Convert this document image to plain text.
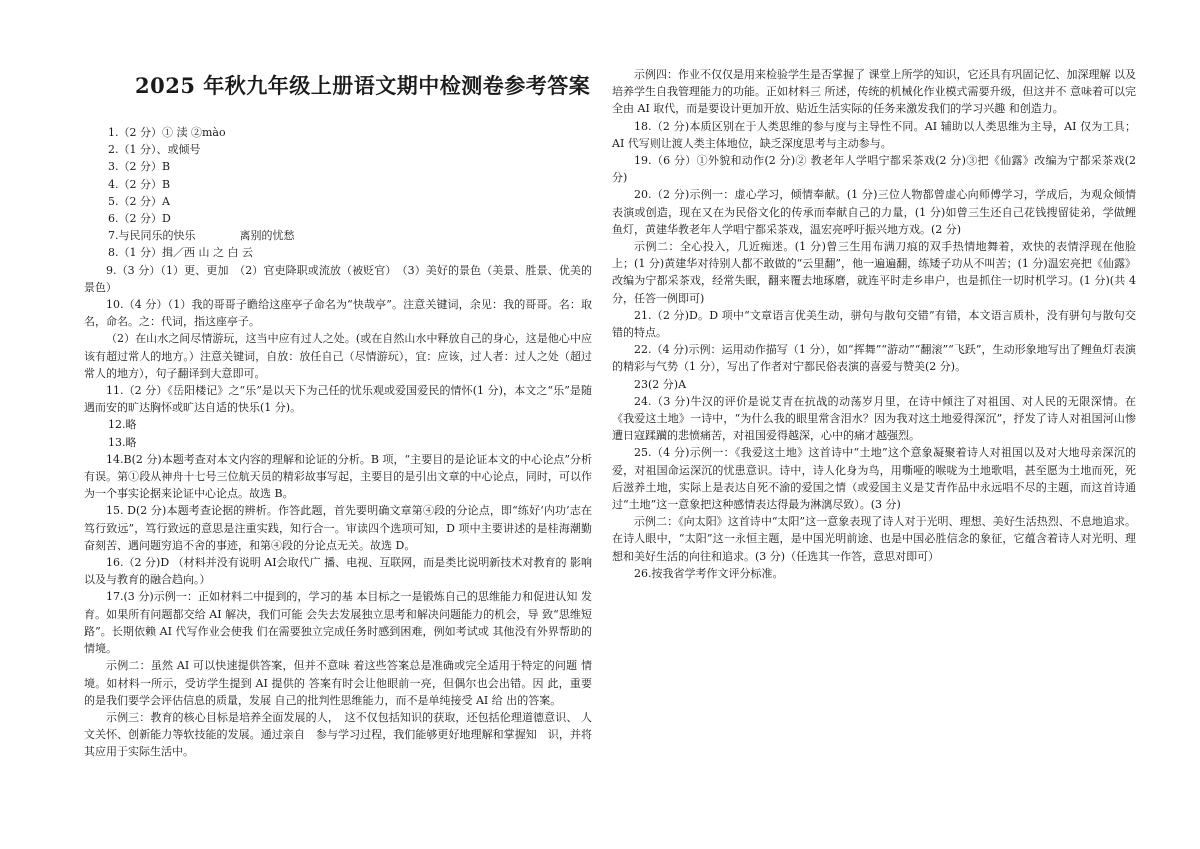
2025 年秋九年级上册语文期中检测卷参考答案

1.（2 分）① 渎 ②mào

2.（1 分）、或倾号

3.（2 分）B

4.（2 分）B

5.（2 分）A

6.（2 分）D

7.与民同乐的快乐　　　　离别的忧愁

8.（1 分）揖／西 山 之 白 云

9.（3 分）（1）更、更加　（2）官吏降职或流放（被贬官）　（3）美好的景色（美景、胜景、优美的景色）

10.（4 分）（1）我的哥哥子瞻给这座亭子命名为“快哉亭”。注意关键词，余见：我的哥哥。名：取名，命名。之：代词，指这座亭子。

（2）在山水之间尽情游玩，这当中应有过人之处。(或在自然山水中释放自己的身心，这是他心中应该有超过常人的地方。）注意关键词，自放：放任自己（尽情游玩），宜：应该，过人者：过人之处（超过常人的地方），句子翻译到大意即可。

11.（2 分）《岳阳楼记》之“乐”是以天下为己任的忧乐观或爱国爱民的情怀(1 分)，本文之“乐”是随遇而安的旷达胸怀或旷达自适的快乐(1 分)。

12.略

13.略

14.B(2 分)本题考查对本文内容的理解和论证的分析。B 项，“主要目的是论证本文的中心论点”分析有误。第①段从神舟十七号三位航天员的精彩故事写起，主要目的是引出文章的中心论点，同时，可以作为一个事实论据来论证中心论点。故选 B。

15. D(2 分)本题考查论据的辨析。作答此题，首先要明确文章第④段的分论点，即“练好‘内功’志在笃行致远”，笃行致远的意思是注重实践，知行合一。审读四个选项可知，D 项中主要讲述的是桂海潮勤奋刻苦、遇问题穷追不舍的事迹，和第④段的分论点无关。故选 D。

16.（2 分)D （材料并没有说明 AI会取代广 播、电视、互联网，而是类比说明新技术对教育的 影响以及与教育的融合趋向。）

17.(3 分)示例一：正如材料二中提到的，学习的基 本目标之一是锻炼自己的思维能力和促进认知 发育。如果所有问题都交给 AI 解决，我们可能 会失去发展独立思考和解决问题能力的机会，导 致“思维短路”。长期依赖 AI 代写作业会使我 们在需要独立完成任务时感到困难，例如考试或 其他没有外界帮助的情境。

示例二：虽然 AI 可以快速提供答案，但并不意味 着这些答案总是准确或完全适用于特定的问题 情境。如材料一所示，受访学生提到 AI 提供的 答案有时会让他眼前一亮，但偶尔也会出错。因 此，重要的是我们要学会评估信息的质量，发展 自己的批判性思维能力，而不是单纯接受 AI 给 出的答案。

示例三：教育的核心目标是培养全面发展的人，　这不仅包括知识的获取，还包括伦理道德意识、 人文关怀、创新能力等软技能的发展。通过亲自　参与学习过程，我们能够更好地理解和掌握知　识，并将其应用于实际生活中。

示例四：作业不仅仅是用来检验学生是否掌握了 课堂上所学的知识，它还具有巩固记忆、加深理解 以及培养学生自我管理能力的功能。正如材料三 所述，传统的机械化作业模式需要升级，但这并不 意味着可以完全由 AI 取代，而是要设计更加开放、贴近生活实际的任务来激发我们的学习兴趣 和创造力。

18.（2 分)本质区别在于人类思维的参与度与主导性不同。AI 辅助以人类思维为主导，AI 仅为工具；AI 代写则让渡人类主体地位，缺乏深度思考与主动参与。

19.（6 分）①外貌和动作(2 分)② 教老年人学唱宁都采茶戏(2 分)③把《仙露》改编为宁都采茶戏(2 分)

20.（2 分)示例一：虚心学习，倾情奉献。(1 分)三位人物都曾虚心向师傅学习，学成后，为观众倾情表演或创造，现在又在为民俗文化的传承而奉献自己的力量，(1 分)如曾三生还自己花钱搜留徒弟，学做鲤鱼灯，黄建华教老年人学唱宁都采茶戏，温宏亮呼吁振兴地方戏。(2 分)

示例二：全心投入，几近痴迷。(1 分)曾三生用布满刀痕的双手热情地舞着，欢快的表情浮现在他脸上；(1 分)黄建华对待别人都不敢做的“云里翻”，他一遍遍翻，练矮子功从不叫苦；(1 分)温宏亮把《仙露》改编为宁都采茶戏，经常失眠，翻来覆去地琢磨，就连平时走乡串户，也是抓住一切时机学习。(1 分)(共 4 分，任答一例即可)

21.（2 分)D。D 项中“文章语言优美生动，骈句与散句交错”有错，本文语言质朴，没有骈句与散句交错的特点。

22.（4 分)示例：运用动作描写（1 分），如“挥舞”“游动”“翻滚”“飞跃”，生动形象地写出了鲤鱼灯表演的精彩与气势（1 分），写出了作者对宁都民俗表演的喜爱与赞美(2 分)。

23(2 分)A

24.（3 分)牛汉的评价是说艾青在抗战的动荡岁月里，在诗中倾注了对祖国、对人民的无限深情。在《我爱这土地》一诗中，“为什么我的眼里常含泪水？因为我对这土地爱得深沉”，抒发了诗人对祖国河山惨遭日寇蹂躏的悲愤痛苦，对祖国爱得越深，心中的痛才越强烈。

25.（4 分)示例一：《我爱这土地》这首诗中“土地”这个意象凝聚着诗人对祖国以及对大地母亲深沉的爱，对祖国命运深沉的忧患意识。诗中，诗人化身为鸟，用嘶哑的喉咙为土地歌唱，甚至愿为土地而死，死后滋养土地，实际上是表达自死不渝的爱国之情（或爱国主义是艾青作品中永远唱不尽的主题，而这首诗通过“土地”这一意象把这种感情表达得最为淋漓尽致）。(3 分)

示例二：《向太阳》这首诗中“太阳”这一意象表现了诗人对于光明、理想、美好生活热烈、不息地追求。在诗人眼中，“太阳”这一永恒主题，是中国光明前途、也是中国必胜信念的象征，它蕴含着诗人对光明、理想和美好生活的向往和追求。(3 分)（任选其一作答，意思对即可）

26.按我省学考作文评分标准。
